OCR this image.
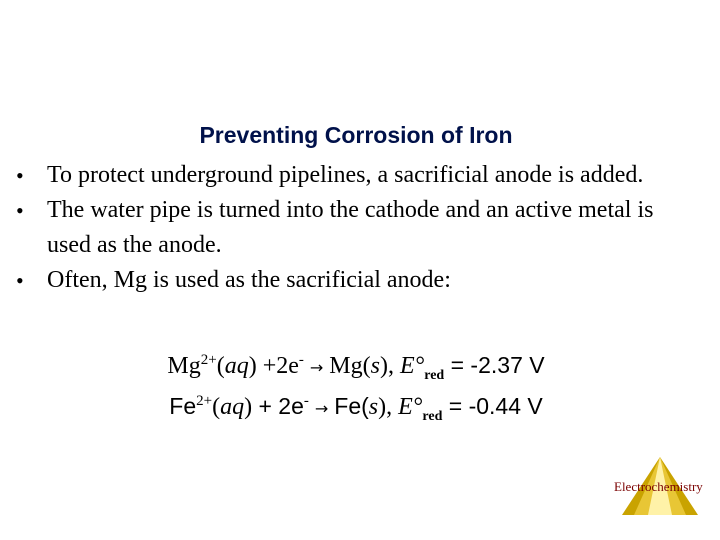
Preventing Corrosion of Iron
• To protect underground pipelines, a sacrificial anode is added.
• The water pipe is turned into the cathode and an active metal is used as the anode.
• Often, Mg is used as the sacrificial anode:
$Mg^{2+}(aq) +2e^- \to Mg(s)$, $E^\circ_{red} = -2.37$ V
$Fe^{2+}(aq) + 2e^- \to Fe(s)$, $E^\circ_{red} = -0.44$ V
Electrochemistry
